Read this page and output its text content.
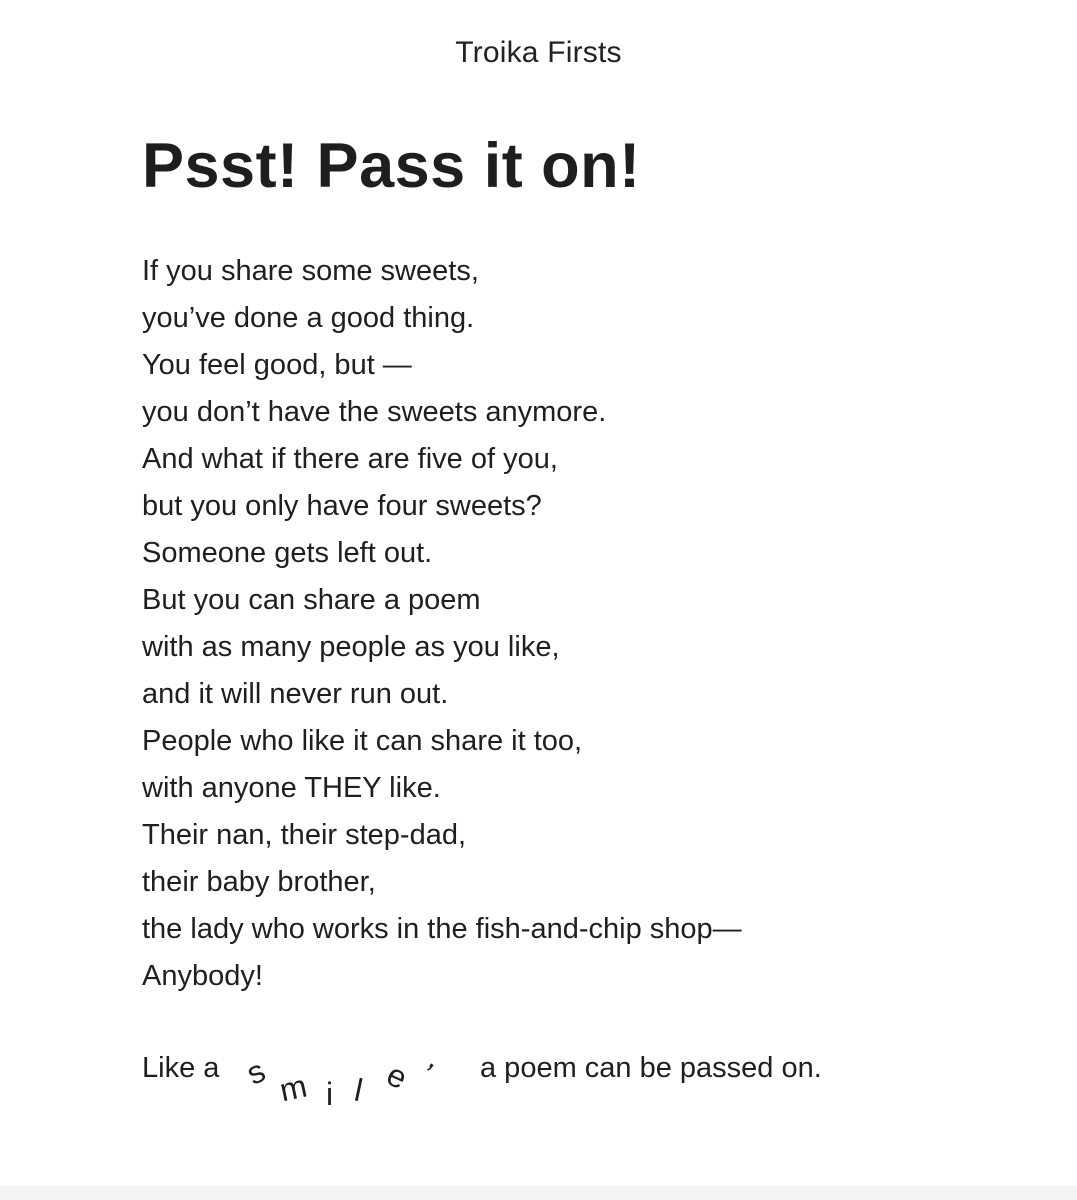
Troika Firsts
Psst! Pass it on!
If you share some sweets,
you’ve done a good thing.
You feel good, but —
you don’t have the sweets anymore.
And what if there are five of you,
but you only have four sweets?
Someone gets left out.
But you can share a poem
with as many people as you like,
and it will never run out.
People who like it can share it too,
with anyone THEY like.
Their nan, their step-dad,
their baby brother,
the lady who works in the fish-and-chip shop—
Anybody!
Like a s m i l e , a poem can be passed on.
